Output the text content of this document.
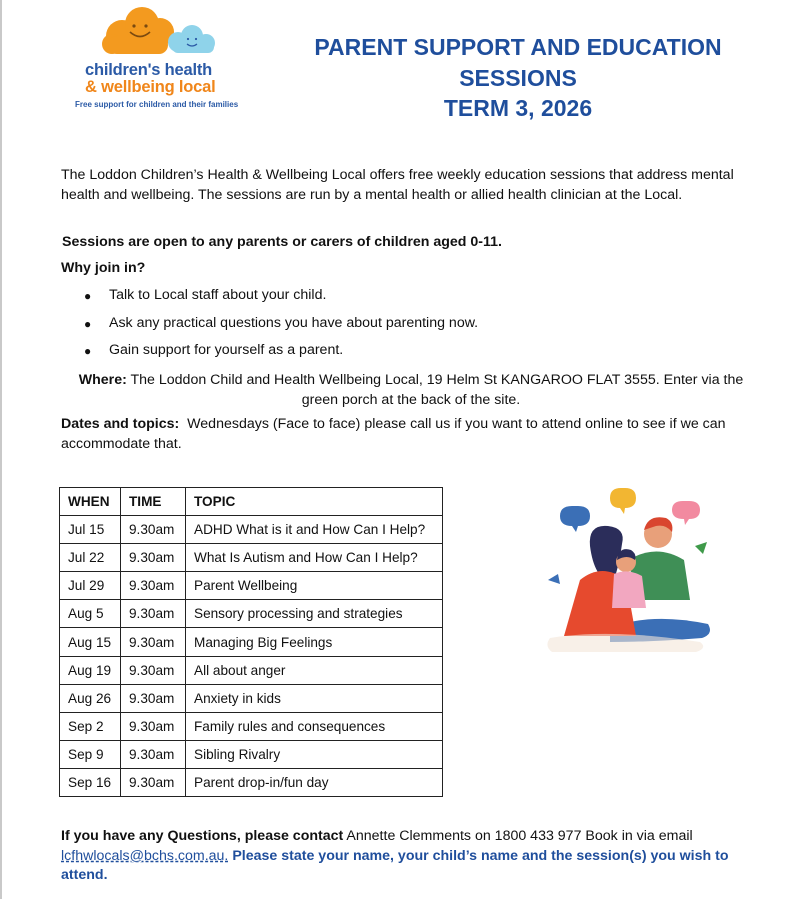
children's health
& wellbeing local
Free support for children and their families
PARENT SUPPORT AND EDUCATION
SESSIONS
TERM 3, 2026
The Loddon Children’s Health & Wellbeing Local offers free weekly education sessions that address mental health and wellbeing. The sessions are run by a mental health or allied health clinician at the Local.
Sessions are open to any parents or carers of children aged 0-11.
Why join in?
●	Talk to Local staff about your child.
●	Ask any practical questions you have about parenting now.
●	Gain support for yourself as a parent.
Where: The Loddon Child and Health Wellbeing Local, 19 Helm St KANGAROO FLAT 3555. Enter via the green porch at the back of the site.
Dates and topics: Wednesdays (Face to face) please call us if you want to attend online to see if we can accommodate that.
WHEN	TIME	TOPIC
Jul 15	9.30am	ADHD What is it and How Can I Help?
Jul 22	9.30am	What Is Autism and How Can I Help?
Jul 29	9.30am	Parent Wellbeing
Aug 5	9.30am	Sensory processing and strategies
Aug 15	9.30am	Managing Big Feelings
Aug 19	9.30am	All about anger
Aug 26	9.30am	Anxiety in kids
Sep 2	9.30am	Family rules and consequences
Sep 9	9.30am	Sibling Rivalry
Sep 16	9.30am	Parent drop-in/fun day
If you have any Questions, please contact Annette Clemments on 1800 433 977 Book in via email lcfhwlocals@bchs.com.au. Please state your name, your child’s name and the session(s) you wish to attend.
